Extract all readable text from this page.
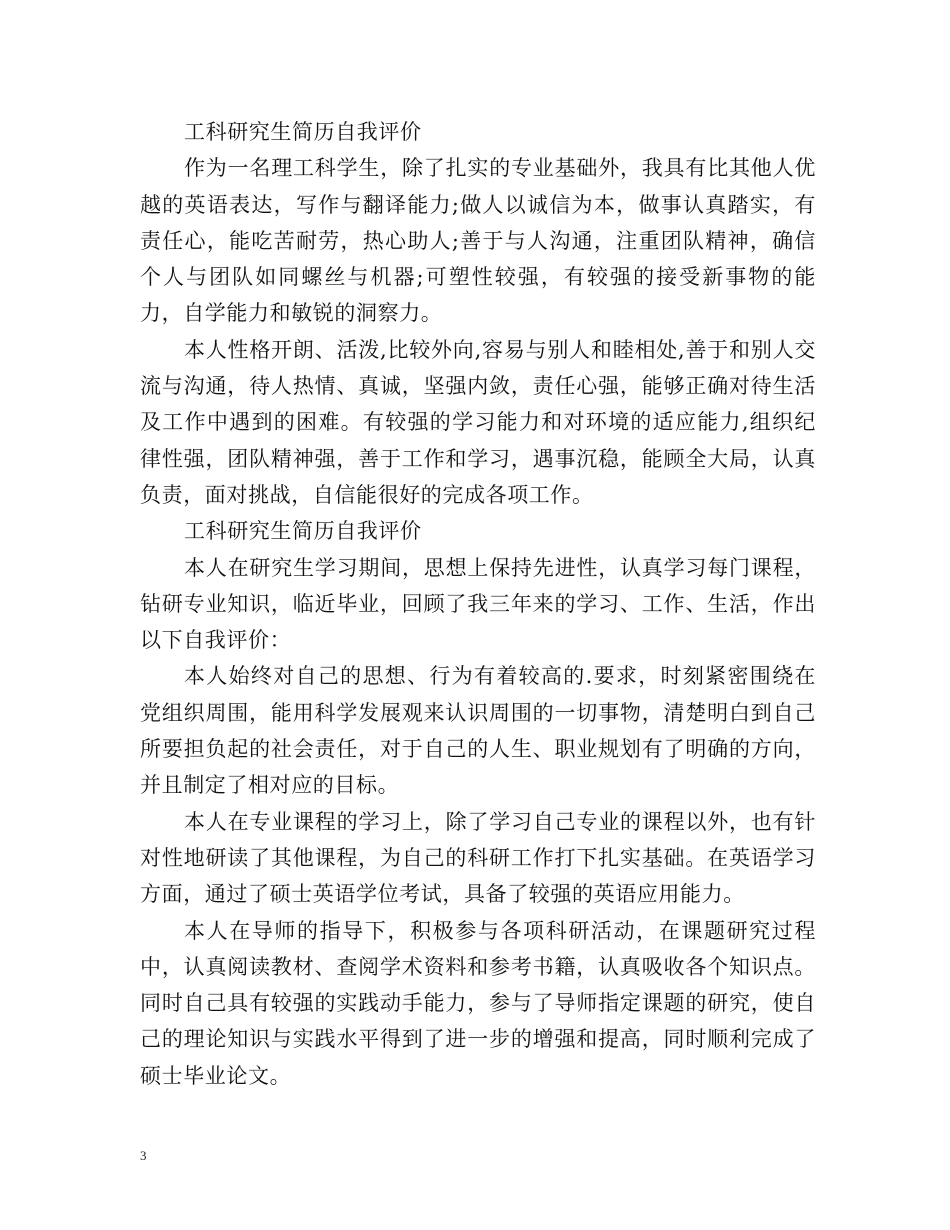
工科研究生简历自我评价

作为一名理工科学生，除了扎实的专业基础外，我具有比其他人优越的英语表达，写作与翻译能力;做人以诚信为本，做事认真踏实，有责任心，能吃苦耐劳，热心助人;善于与人沟通，注重团队精神，确信个人与团队如同螺丝与机器;可塑性较强，有较强的接受新事物的能力，自学能力和敏锐的洞察力。

本人性格开朗、活泼,比较外向,容易与别人和睦相处,善于和别人交流与沟通，待人热情、真诚，坚强内敛，责任心强，能够正确对待生活及工作中遇到的困难。有较强的学习能力和对环境的适应能力,组织纪律性强，团队精神强，善于工作和学习，遇事沉稳，能顾全大局，认真负责，面对挑战，自信能很好的完成各项工作。

工科研究生简历自我评价

本人在研究生学习期间，思想上保持先进性，认真学习每门课程，钻研专业知识，临近毕业，回顾了我三年来的学习、工作、生活，作出以下自我评价：

本人始终对自己的思想、行为有着较高的.要求，时刻紧密围绕在党组织周围，能用科学发展观来认识周围的一切事物，清楚明白到自己所要担负起的社会责任，对于自己的人生、职业规划有了明确的方向，并且制定了相对应的目标。

本人在专业课程的学习上，除了学习自己专业的课程以外，也有针对性地研读了其他课程，为自己的科研工作打下扎实基础。在英语学习方面，通过了硕士英语学位考试，具备了较强的英语应用能力。

本人在导师的指导下，积极参与各项科研活动，在课题研究过程中，认真阅读教材、查阅学术资料和参考书籍，认真吸收各个知识点。同时自己具有较强的实践动手能力，参与了导师指定课题的研究，使自己的理论知识与实践水平得到了进一步的增强和提高，同时顺利完成了硕士毕业论文。

3
